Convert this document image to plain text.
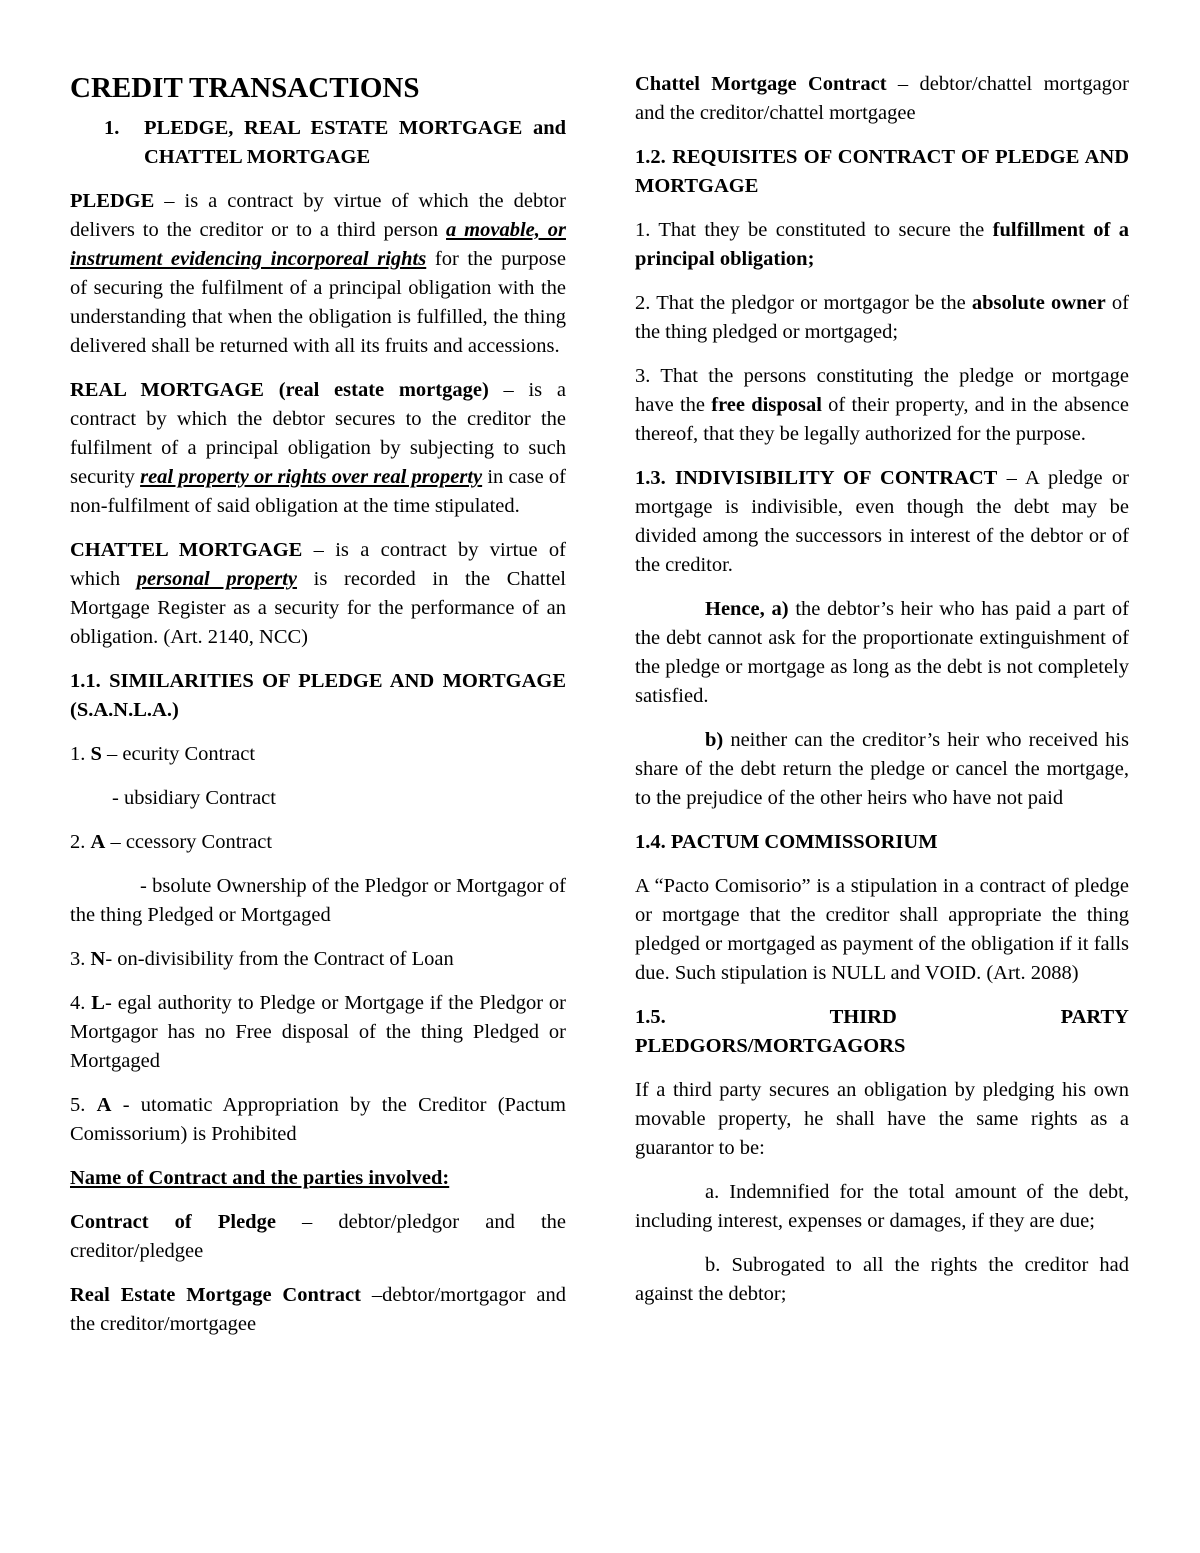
CREDIT TRANSACTIONS

1.	PLEDGE, REAL ESTATE MORTGAGE and CHATTEL MORTGAGE

PLEDGE – is a contract by virtue of which the debtor delivers to the creditor or to a third person a movable, or instrument evidencing incorporeal rights for the purpose of securing the fulfilment of a principal obligation with the understanding that when the obligation is fulfilled, the thing delivered shall be returned with all its fruits and accessions.

REAL MORTGAGE (real estate mortgage) – is a contract by which the debtor secures to the creditor the fulfilment of a principal obligation by subjecting to such security real property or rights over real property in case of non-fulfilment of said obligation at the time stipulated.

CHATTEL MORTGAGE – is a contract by virtue of which personal property is recorded in the Chattel Mortgage Register as a security for the performance of an obligation. (Art. 2140, NCC)

1.1. SIMILARITIES OF PLEDGE AND MORTGAGE (S.A.N.L.A.)

1. S – ecurity Contract

- ubsidiary Contract

2. A – ccessory Contract

- bsolute Ownership of the Pledgor or Mortgagor of the thing Pledged or Mortgaged

3. N- on-divisibility from the Contract of Loan

4. L- egal authority to Pledge or Mortgage if the Pledgor or Mortgagor has no Free disposal of the thing Pledged or Mortgaged

5. A - utomatic Appropriation by the Creditor (Pactum Comissorium) is Prohibited

Name of Contract and the parties involved:

Contract of Pledge – debtor/pledgor and the creditor/pledgee

Real Estate Mortgage Contract –debtor/mortgagor and the creditor/mortgagee

Chattel Mortgage Contract – debtor/chattel mortgagor and the creditor/chattel mortgagee

1.2. REQUISITES OF CONTRACT OF PLEDGE AND MORTGAGE

1. That they be constituted to secure the fulfillment of a principal obligation;

2. That the pledgor or mortgagor be the absolute owner of the thing pledged or mortgaged;

3. That the persons constituting the pledge or mortgage have the free disposal of their property, and in the absence thereof, that they be legally authorized for the purpose.

1.3. INDIVISIBILITY OF CONTRACT – A pledge or mortgage is indivisible, even though the debt may be divided among the successors in interest of the debtor or of the creditor.

Hence, a) the debtor’s heir who has paid a part of the debt cannot ask for the proportionate extinguishment of the pledge or mortgage as long as the debt is not completely satisfied.

b) neither can the creditor’s heir who received his share of the debt return the pledge or cancel the mortgage, to the prejudice of the other heirs who have not paid

1.4. PACTUM COMMISSORIUM

A “Pacto Comisorio” is a stipulation in a contract of pledge or mortgage that the creditor shall appropriate the thing pledged or mortgaged as payment of the obligation if it falls due. Such stipulation is NULL and VOID. (Art. 2088)

1.5.	THIRD	PARTY
PLEDGORS/MORTGAGORS

If a third party secures an obligation by pledging his own movable property, he shall have the same rights as a guarantor to be:

a. Indemnified for the total amount of the debt, including interest, expenses or damages, if they are due;

b. Subrogated to all the rights the creditor had against the debtor;
